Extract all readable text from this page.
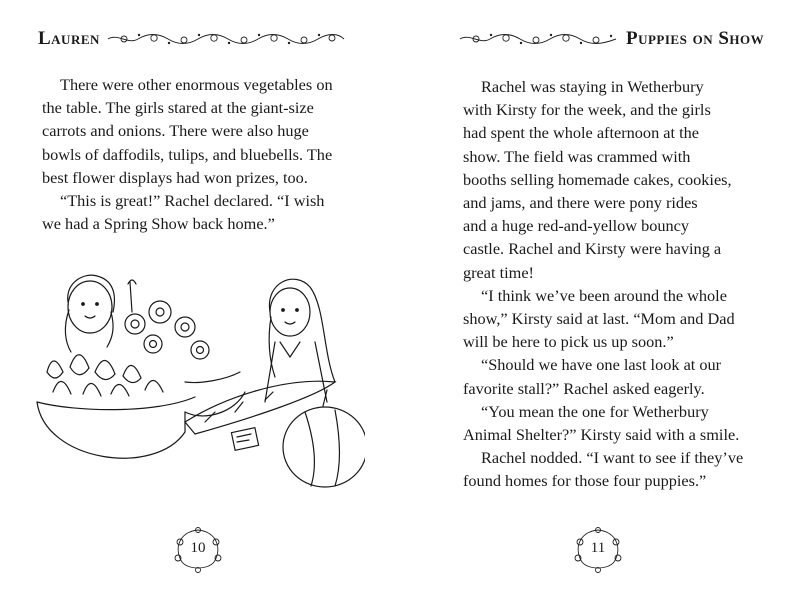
Lauren
There were other enormous vegetables on
the table. The girls stared at the giant-size
carrots and onions. There were also huge
bowls of daffodils, tulips, and bluebells. The
best flower displays had won prizes, too.
“This is great!” Rachel declared. “I wish
we had a Spring Show back home.”
10
Puppies on Show
Rachel was staying in Wetherbury
with Kirsty for the week, and the girls
had spent the whole afternoon at the
show. The field was crammed with
booths selling homemade cakes, cookies,
and jams, and there were pony rides
and a huge red-and-yellow bouncy
castle. Rachel and Kirsty were having a
great time!
“I think we’ve been around the whole
show,” Kirsty said at last. “Mom and Dad
will be here to pick us up soon.”
“Should we have one last look at our
favorite stall?” Rachel asked eagerly.
“You mean the one for Wetherbury
Animal Shelter?” Kirsty said with a smile.
Rachel nodded. “I want to see if they’ve
found homes for those four puppies.”
11
